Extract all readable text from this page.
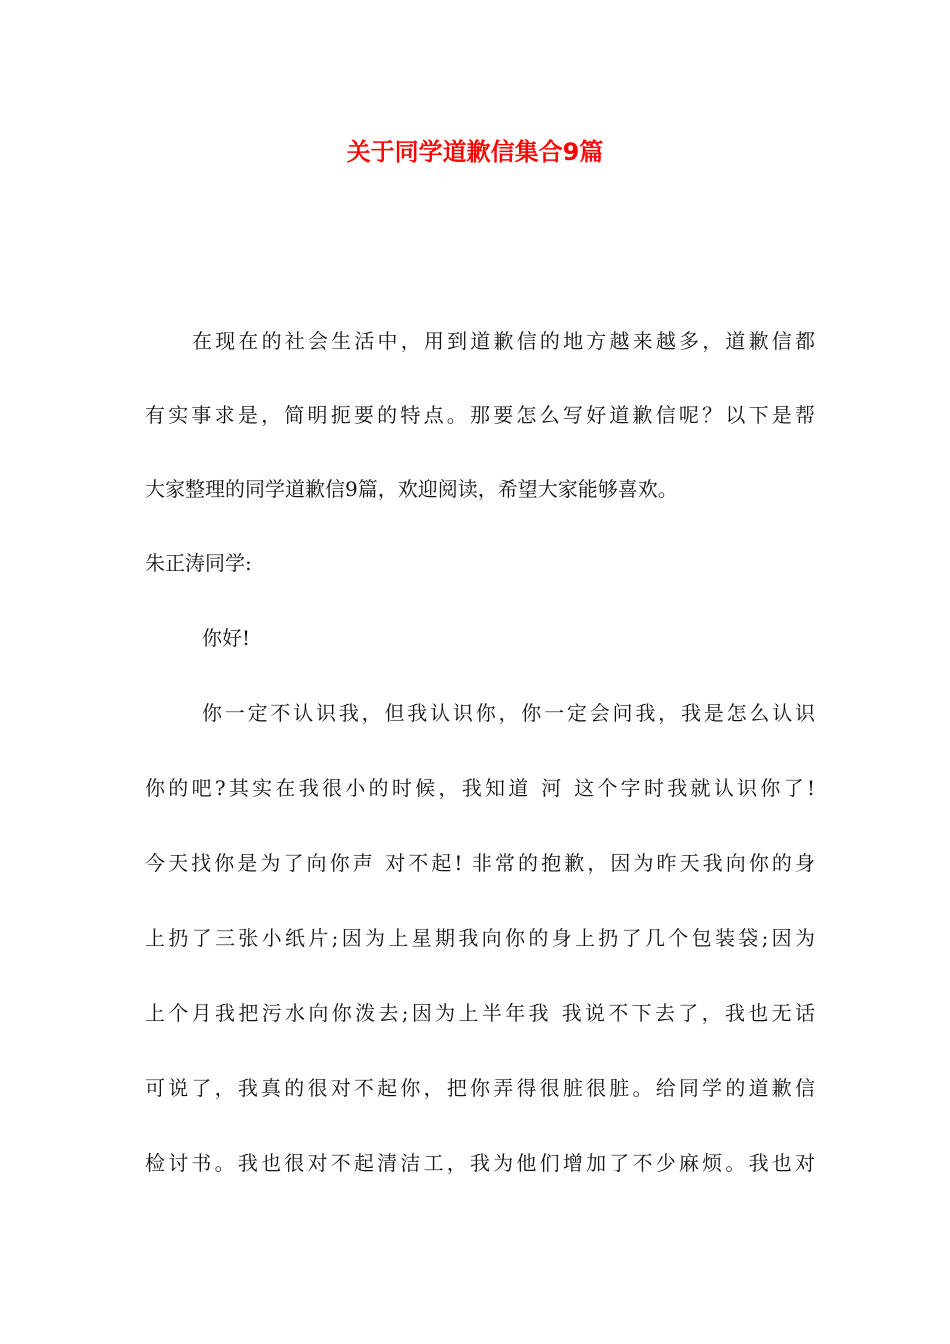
关于同学道歉信集合9篇

在现在的社会生活中，用到道歉信的地方越来越多，道歉信都

有实事求是，简明扼要的特点。那要怎么写好道歉信呢？以下是帮

大家整理的同学道歉信9篇，欢迎阅读，希望大家能够喜欢。

朱正涛同学:

你好!

你一定不认识我，但我认识你，你一定会问我，我是怎么认识

你的吧?其实在我很小的时候，我知道 河 这个字时我就认识你了!

今天找你是为了向你声 对不起! 非常的抱歉，因为昨天我向你的身

上扔了三张小纸片;因为上星期我向你的身上扔了几个包装袋;因为

上个月我把污水向你泼去;因为上半年我 我说不下去了，我也无话

可说了，我真的很对不起你，把你弄得很脏很脏。给同学的道歉信

检讨书。我也很对不起清洁工，我为他们增加了不少麻烦。我也对
